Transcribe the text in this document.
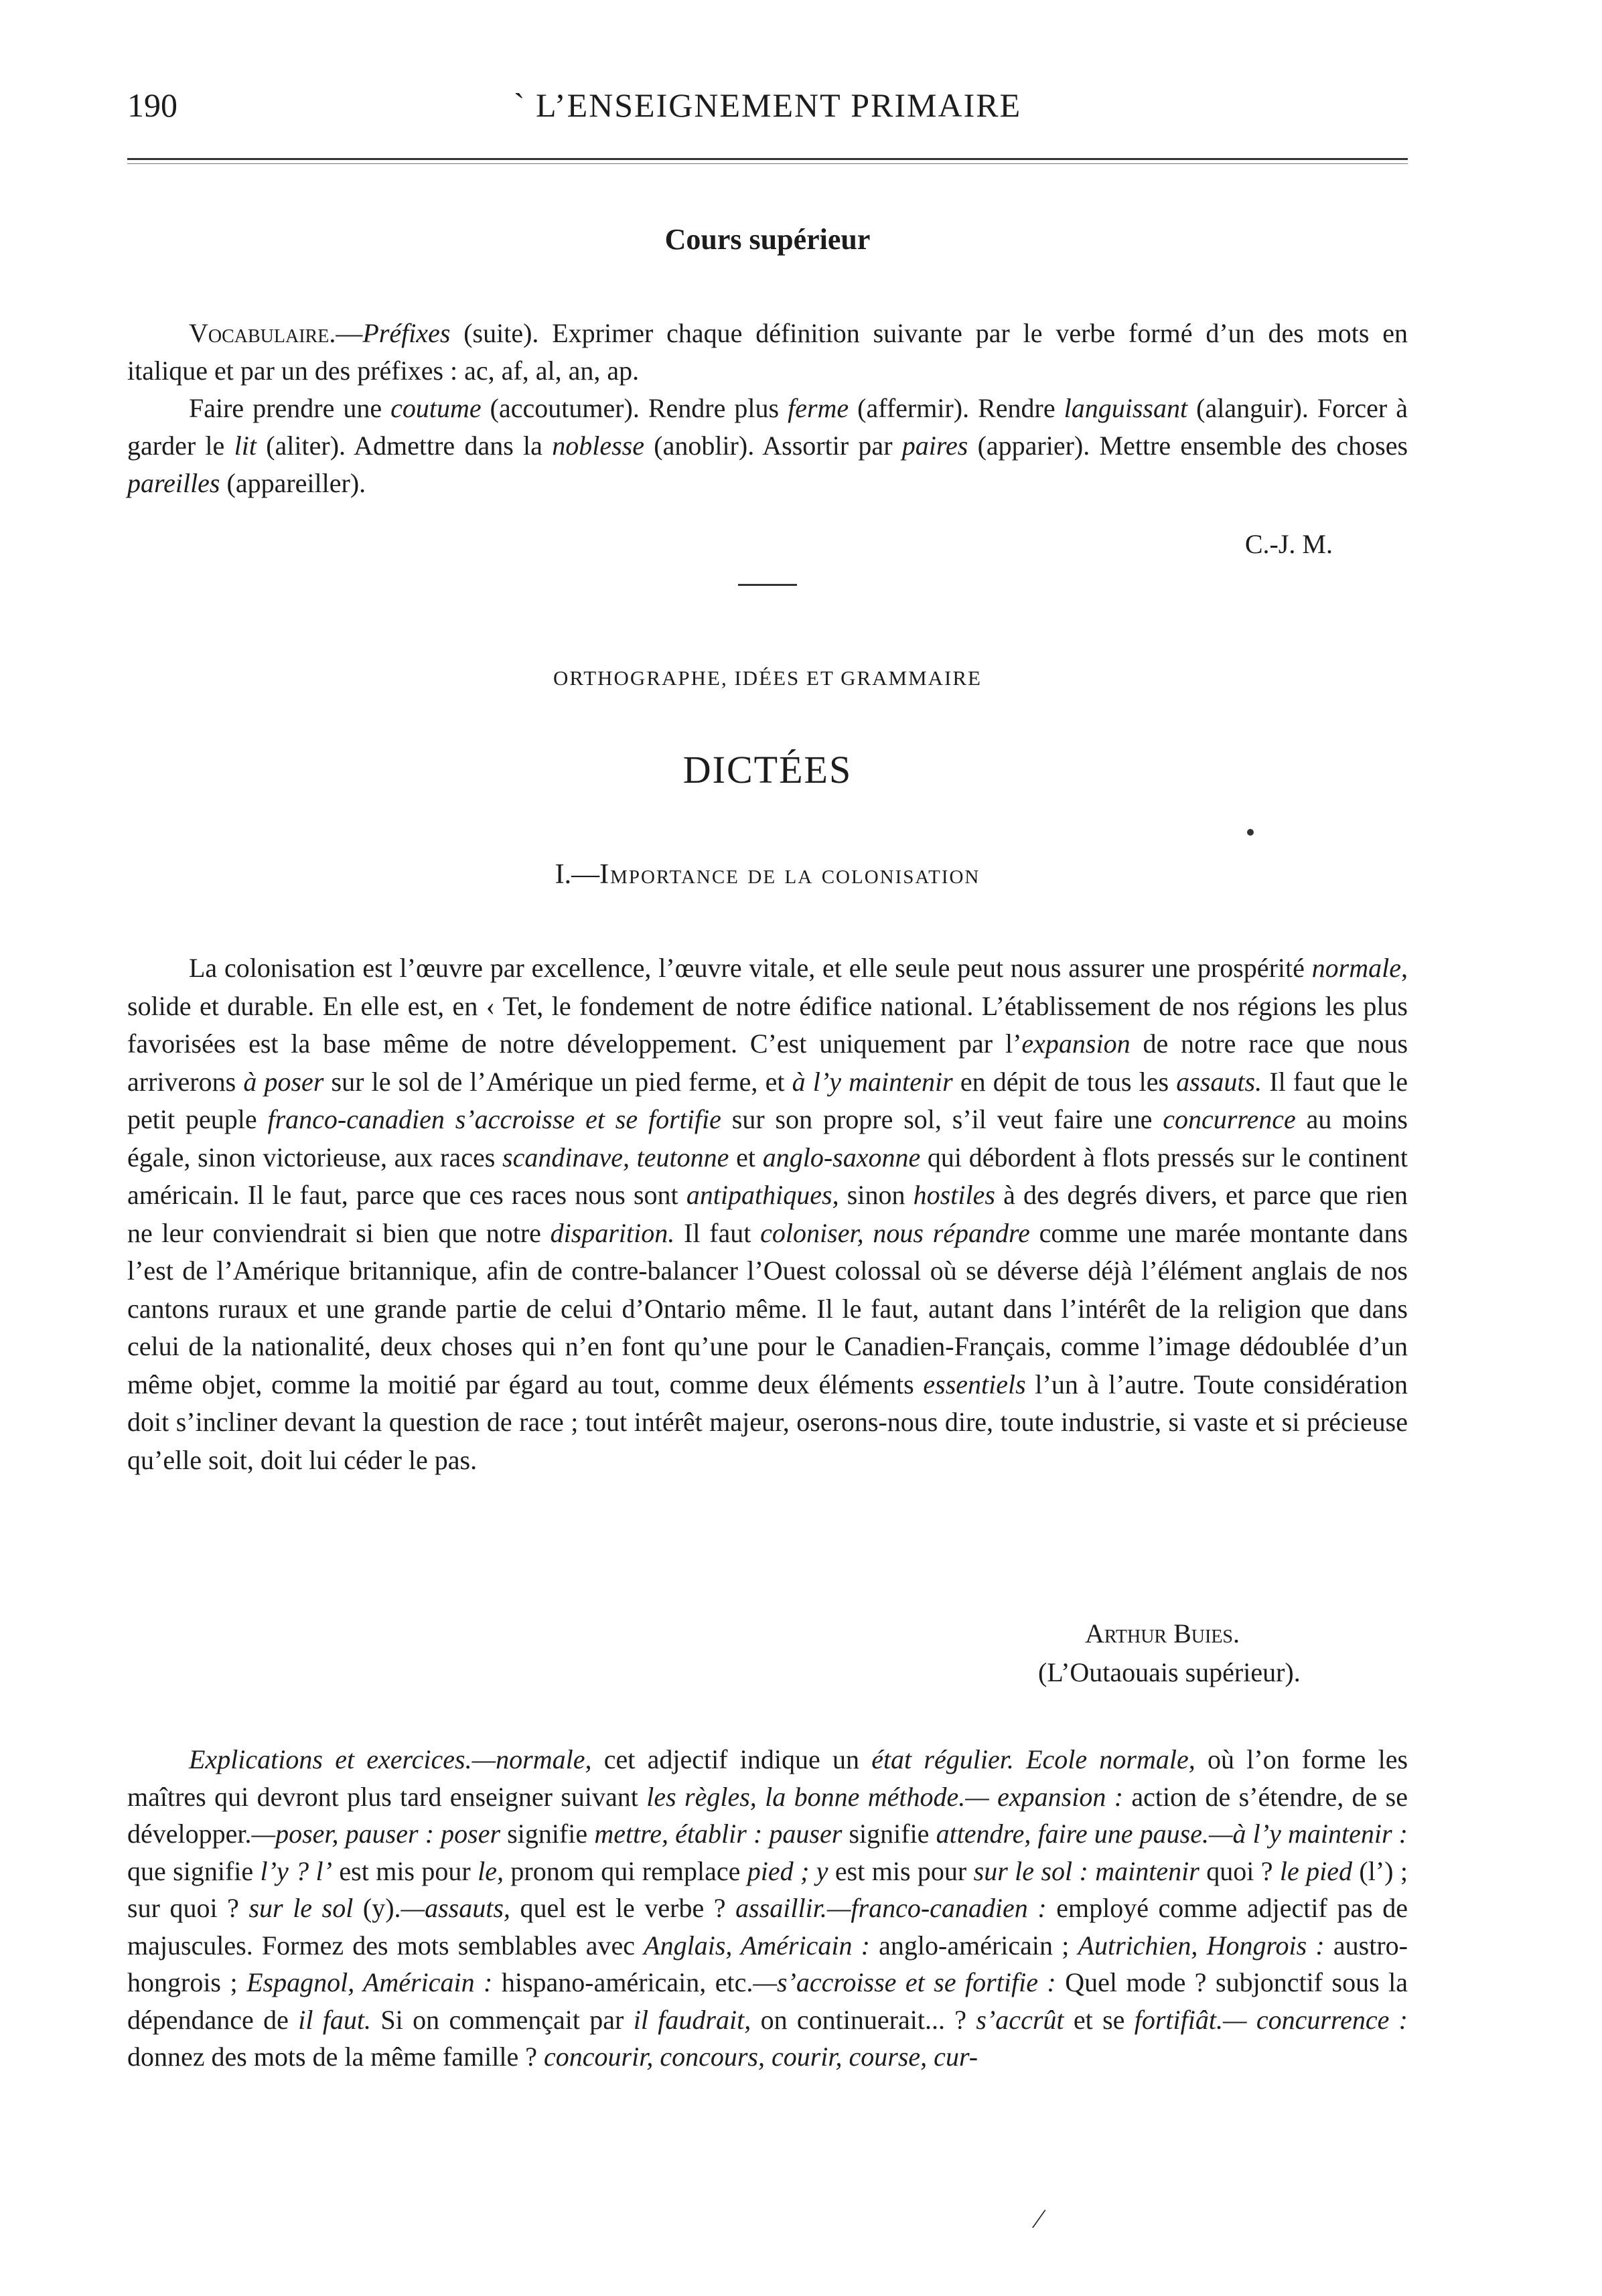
190	` L’ENSEIGNEMENT PRIMAIRE
Cours supérieur

Vocabulaire.—Préfixes (suite). Exprimer chaque définition suivante par le verbe formé d’un des mots en italique et par un des préfixes : ac, af, al, an, ap.

Faire prendre une coutume (accoutumer). Rendre plus ferme (affermir). Rendre languissant (alanguir). Forcer à garder le lit (aliter). Admettre dans la noblesse (anoblir). Assortir par paires (apparier). Mettre ensemble des choses pareilles (appareiller).

C.-J. M.
ORTHOGRAPHE, IDÉES ET GRAMMAIRE
DICTÉES
I.—Importance de la colonisation

La colonisation est l’œuvre par excellence, l’œuvre vitale, et elle seule peut nous assurer une prospérité normale, solide et durable. En elle est, en ‹ Tet, le fondement de notre édifice national. L’établissement de nos régions les plus favorisées est la base même de notre développement. C’est uniquement par l’expansion de notre race que nous arriverons à poser sur le sol de l’Amérique un pied ferme, et à l’y maintenir en dépit de tous les assauts. Il faut que le petit peuple franco-canadien s’accroisse et se fortifie sur son propre sol, s’il veut faire une concurrence au moins égale, sinon victorieuse, aux races scandinave, teutonne et anglo-saxonne qui débordent à flots pressés sur le continent américain. Il le faut, parce que ces races nous sont antipathiques, sinon hostiles à des degrés divers, et parce que rien ne leur conviendrait si bien que notre disparition. Il faut coloniser, nous répandre comme une marée montante dans l’est de l’Amérique britannique, afin de contre-balancer l’Ouest colossal où se déverse déjà l’élément anglais de nos cantons ruraux et une grande partie de celui d’Ontario même. Il le faut, autant dans l’intérêt de la religion que dans celui de la nationalité, deux choses qui n’en font qu’une pour le Canadien-Français, comme l’image dédoublée d’un même objet, comme la moitié par égard au tout, comme deux éléments essentiels l’un à l’autre. Toute considération doit s’incliner devant la question de race ; tout intérêt majeur, oserons-nous dire, toute industrie, si vaste et si précieuse qu’elle soit, doit lui céder le pas.

Arthur Buies.
(L’Outaouais supérieur).

Explications et exercices.—normale, cet adjectif indique un état régulier. Ecole normale, où l’on forme les maîtres qui devront plus tard enseigner suivant les règles, la bonne méthode.— expansion : action de s’étendre, de se développer.—poser, pauser : poser signifie mettre, établir : pauser signifie attendre, faire une pause.—à l’y maintenir : que signifie l’y ? l’ est mis pour le, pronom qui remplace pied ; y est mis pour sur le sol : maintenir quoi ? le pied (l’) ; sur quoi ? sur le sol (y).—assauts, quel est le verbe ? assaillir.—franco-canadien : employé comme adjectif pas de majuscules. Formez des mots semblables avec Anglais, Américain : anglo-américain ; Autrichien, Hongrois : austro-hongrois ; Espagnol, Américain : hispano-américain, etc.—s’accroisse et se fortifie : Quel mode ? subjonctif sous la dépendance de il faut. Si on commençait par il faudrait, on continuerait... ? s’accrût et se fortifiât.— concurrence : donnez des mots de la même famille ? concourir, concours, courir, course, cur-

⁄
